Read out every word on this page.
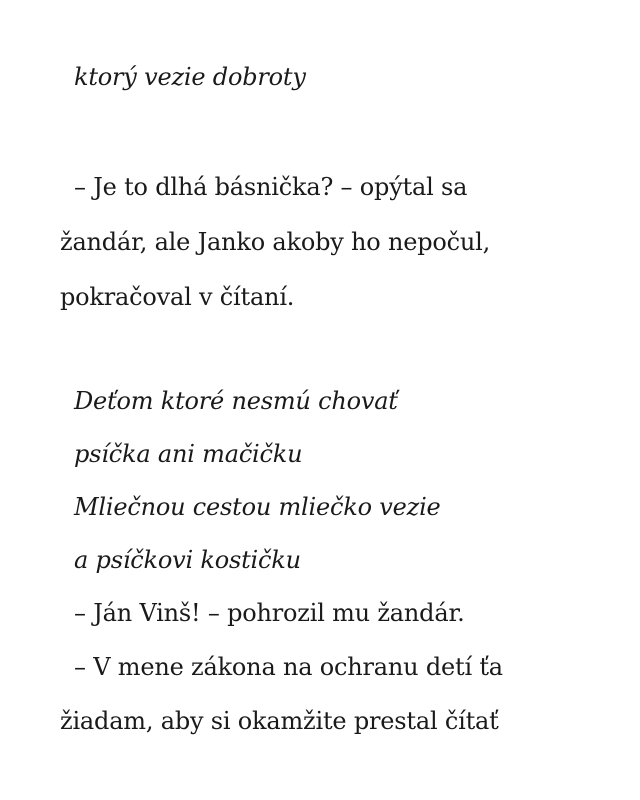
ktorý vezie dobroty
– Je to dlhá básnička? – opýtal sa
žandár, ale Janko akoby ho nepočul,
pokračoval v čítaní.
Deťom ktoré nesmú chovať
psíčka ani mačičku
Mliečnou cestou mliečko vezie
a psíčkovi kostičku
– Ján Vinš! – pohrozil mu žandár.
– V mene zákona na ochranu detí ťa
žiadam, aby si okamžite prestal čítať
